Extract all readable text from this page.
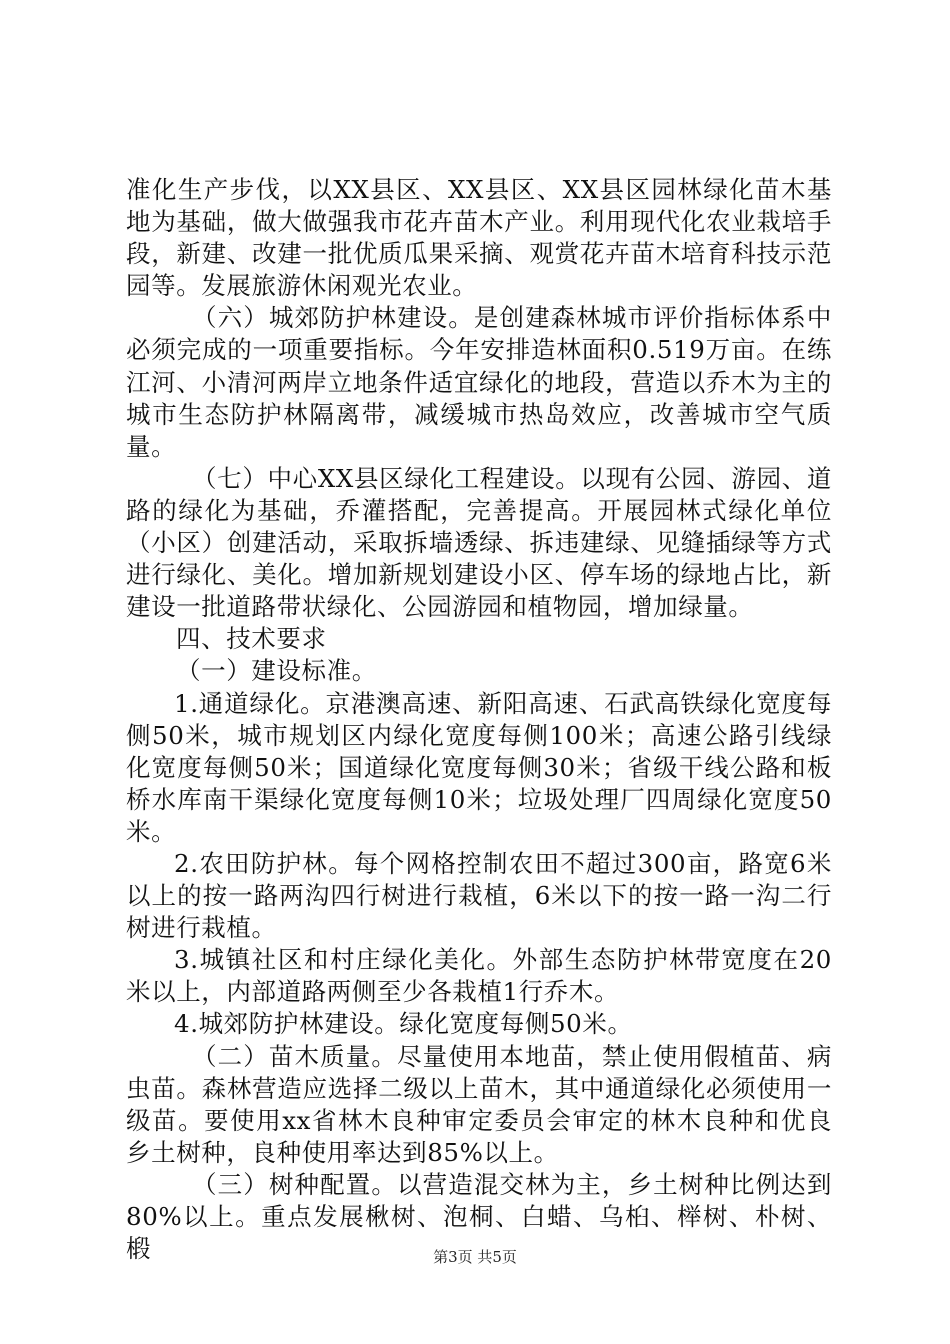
准化生产步伐，以XX县区、XX县区、XX县区园林绿化苗木基地为基础，做大做强我市花卉苗木产业。利用现代化农业栽培手段，新建、改建一批优质瓜果采摘、观赏花卉苗木培育科技示范园等。发展旅游休闲观光农业。

（六）城郊防护林建设。是创建森林城市评价指标体系中必须完成的一项重要指标。今年安排造林面积0.519万亩。在练江河、小清河两岸立地条件适宜绿化的地段，营造以乔木为主的城市生态防护林隔离带，减缓城市热岛效应，改善城市空气质量。

（七）中心XX县区绿化工程建设。以现有公园、游园、道路的绿化为基础，乔灌搭配，完善提高。开展园林式绿化单位（小区）创建活动，采取拆墙透绿、拆违建绿、见缝插绿等方式进行绿化、美化。增加新规划建设小区、停车场的绿地占比，新建设一批道路带状绿化、公园游园和植物园，增加绿量。

四、技术要求

（一）建设标准。

1.通道绿化。京港澳高速、新阳高速、石武高铁绿化宽度每侧50米，城市规划区内绿化宽度每侧100米；高速公路引线绿化宽度每侧50米；国道绿化宽度每侧30米；省级干线公路和板桥水库南干渠绿化宽度每侧10米；垃圾处理厂四周绿化宽度50米。

2.农田防护林。每个网格控制农田不超过300亩，路宽6米以上的按一路两沟四行树进行栽植，6米以下的按一路一沟二行树进行栽植。

3.城镇社区和村庄绿化美化。外部生态防护林带宽度在20米以上，内部道路两侧至少各栽植1行乔木。

4.城郊防护林建设。绿化宽度每侧50米。

（二）苗木质量。尽量使用本地苗，禁止使用假植苗、病虫苗。森林营造应选择二级以上苗木，其中通道绿化必须使用一级苗。要使用xx省林木良种审定委员会审定的林木良种和优良乡土树种，良种使用率达到85%以上。

（三）树种配置。以营造混交林为主，乡土树种比例达到80%以上。重点发展楸树、泡桐、白蜡、乌桕、榉树、朴树、椴	第3页 共5页
